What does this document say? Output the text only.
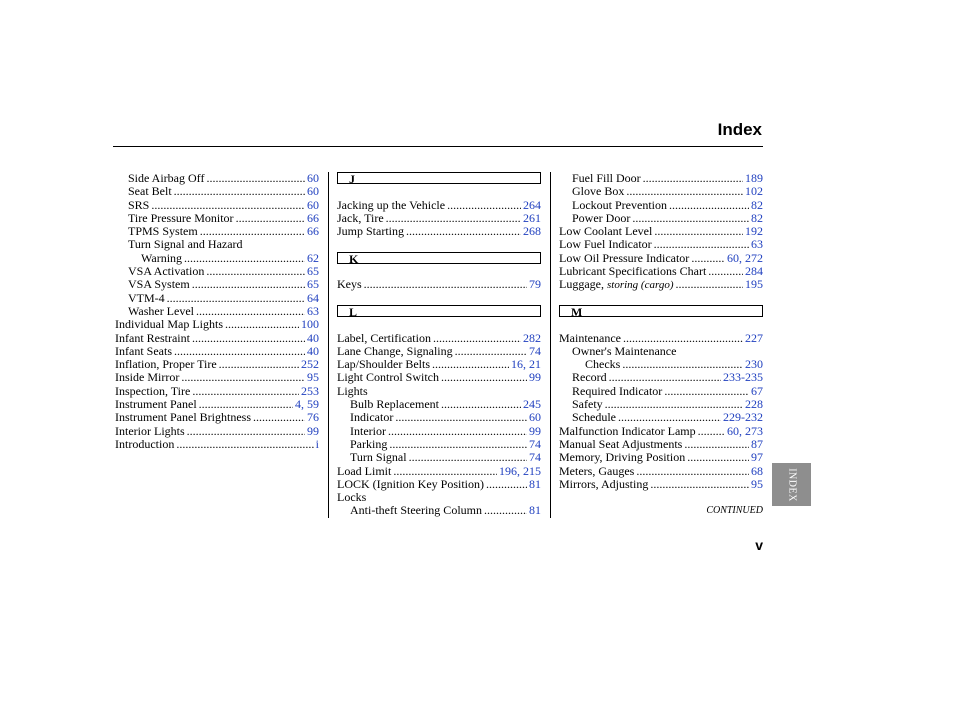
Index
Side Airbag Off .....	60
Seat Belt .....	60
SRS .....	60
Tire Pressure Monitor .....	66
TPMS System .....	66
Turn Signal and Hazard
Warning .....	62
VSA Activation .....	65
VSA System .....	65
VTM-4 .....	64
Washer Level .....	63
Individual Map Lights .....	100
Infant Restraint .....	40
Infant Seats .....	40
Inflation, Proper Tire .....	252
Inside Mirror .....	95
Inspection, Tire .....	253
Instrument Panel .....	4, 59
Instrument Panel Brightness .....	76
Interior Lights .....	99
Introduction .....	i
J
Jacking up the Vehicle .....	264
Jack, Tire .....	261
Jump Starting .....	268
K
Keys .....	79
L
Label, Certification .....	282
Lane Change, Signaling .....	74
Lap/Shoulder Belts .....	16, 21
Light Control Switch .....	99
Lights
Bulb Replacement .....	245
Indicator .....	60
Interior .....	99
Parking .....	74
Turn Signal .....	74
Load Limit .....	196, 215
LOCK (Ignition Key Position) .....	81
Locks
Anti-theft Steering Column .....	81
Fuel Fill Door .....	189
Glove Box .....	102
Lockout Prevention .....	82
Power Door .....	82
Low Coolant Level .....	192
Low Fuel Indicator .....	63
Low Oil Pressure Indicator .....	60, 272
Lubricant Specifications Chart .....	284
Luggage, storing (cargo) .....	195
M
Maintenance .....	227
Owner's Maintenance
Checks .....	230
Record .....	233-235
Required Indicator .....	67
Safety .....	228
Schedule .....	229-232
Malfunction Indicator Lamp .....	60, 273
Manual Seat Adjustments .....	87
Memory, Driving Position .....	97
Meters, Gauges .....	68
Mirrors, Adjusting .....	95
CONTINUED
v
INDEX
